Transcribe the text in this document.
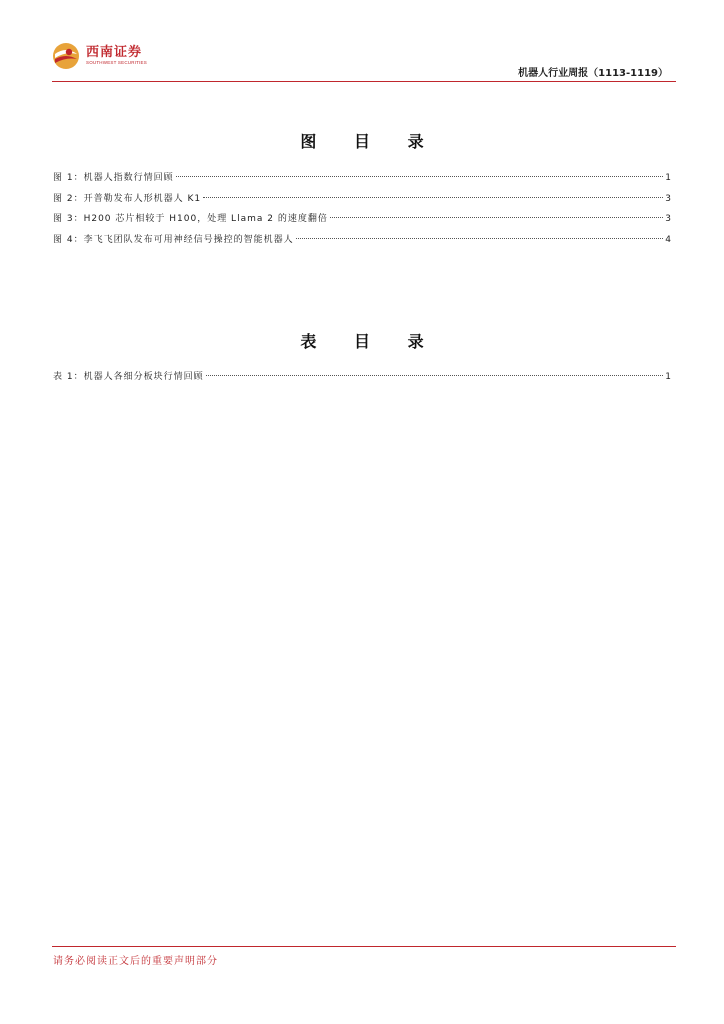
西南证券
SOUTHWEST SECURITIES
机器人行业周报（1113-1119）
图 目 录
图 1：机器人指数行情回顾	1
图 2：开普勒发布人形机器人 K1	3
图 3：H200 芯片相较于 H100，处理 Llama 2 的速度翻倍	3
图 4：李飞飞团队发布可用神经信号操控的智能机器人	4
表 目 录
表 1：机器人各细分板块行情回顾	1
请务必阅读正文后的重要声明部分
